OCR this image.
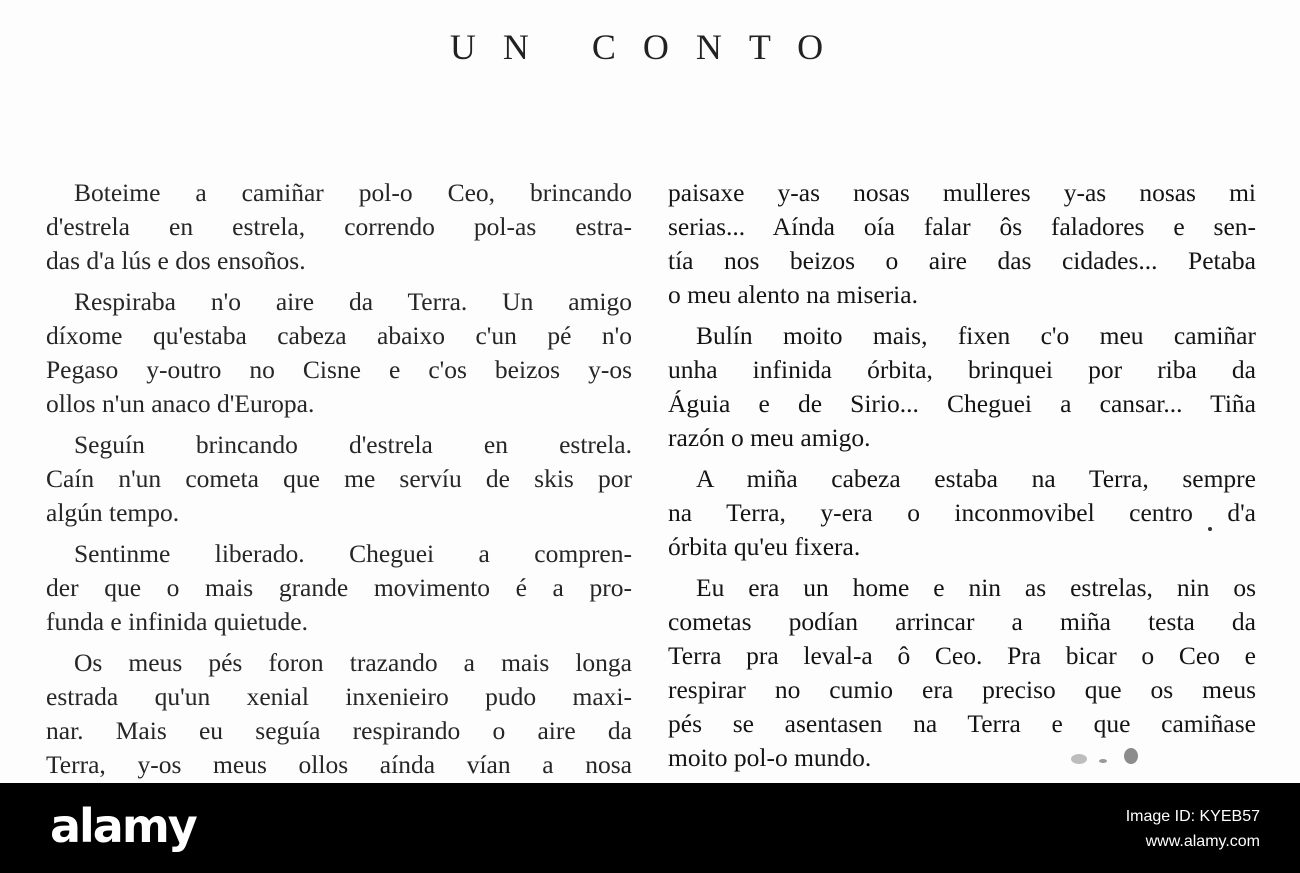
UN CONTO
Boteime a camiñar pol-o Ceo, brincando
d'estrela en estrela, correndo pol-as estra-
das d'a lús e dos ensoños.
Respiraba n'o aire da Terra. Un amigo
díxome qu'estaba cabeza abaixo c'un pé n'o
Pegaso y-outro no Cisne e c'os beizos y-os
ollos n'un anaco d'Europa.
Seguín brincando d'estrela en estrela.
Caín n'un cometa que me servíu de skis por
algún tempo.
Sentinme liberado. Cheguei a compren-
der que o mais grande movimento é a pro-
funda e infinida quietude.
Os meus pés foron trazando a mais longa
estrada qu'un xenial inxenieiro pudo maxi-
nar. Mais eu seguía respirando o aire da
Terra, y-os meus ollos aínda vían a nosa
paisaxe y-as nosas mulleres y-as nosas mi
serias... Aínda oía falar ôs faladores e sen-
tía nos beizos o aire das cidades... Petaba
o meu alento na miseria.
Bulín moito mais, fixen c'o meu camiñar
unha infinida órbita, brinquei por riba da
Águia e de Sirio... Cheguei a cansar... Tiña
razón o meu amigo.
A miña cabeza estaba na Terra, sempre
na Terra, y-era o inconmovibel centro d'a
órbita qu'eu fixera.
Eu era un home e nin as estrelas, nin os
cometas podían arrincar a miña testa da
Terra pra leval-a ô Ceo. Pra bicar o Ceo e
respirar no cumio era preciso que os meus
pés se asentasen na Terra e que camiñase
moito pol-o mundo.
alamy	Image ID: KYEB57
www.alamy.com
